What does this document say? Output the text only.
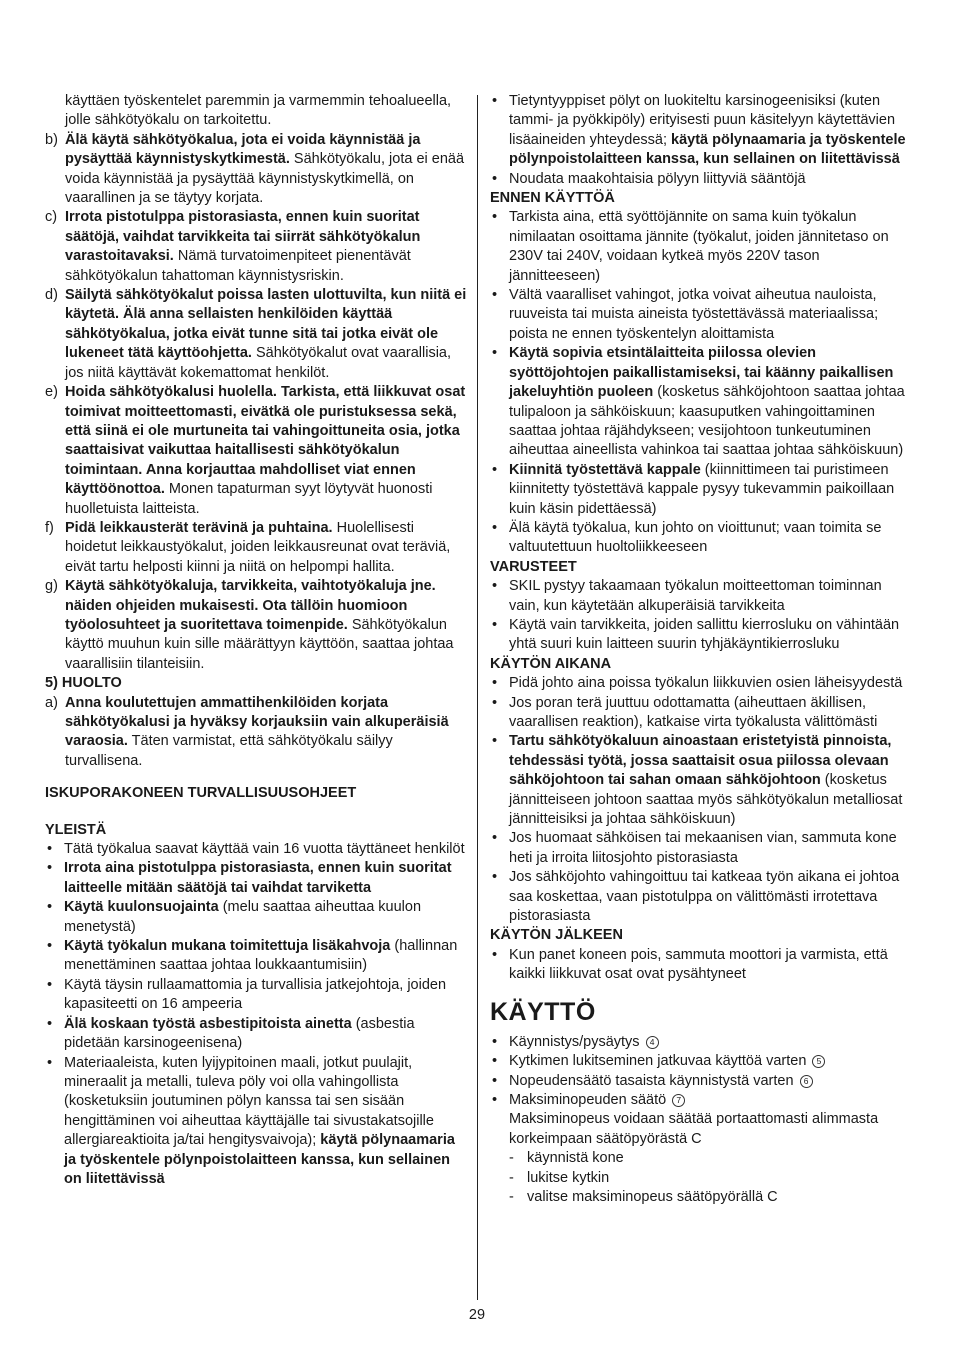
käyttäen työskentelet paremmin ja varmemmin tehoalueella, jolle sähkötyökalu on tarkoitettu.
b) Älä käytä sähkötyökalua, jota ei voida käynnistää ja pysäyttää käynnistyskytkimestä. Sähkötyökalu, jota ei enää voida käynnistää ja pysäyttää käynnistyskytkimellä, on vaarallinen ja se täytyy korjata.
c) Irrota pistotulppa pistorasiasta, ennen kuin suoritat säätöjä, vaihdat tarvikkeita tai siirrät sähkötyökalun varastoitavaksi. Nämä turvatoimenpiteet pienentävät sähkötyökalun tahattoman käynnistysriskin.
d) Säilytä sähkötyökalut poissa lasten ulottuvilta, kun niitä ei käytetä. Älä anna sellaisten henkilöiden käyttää sähkötyökalua, jotka eivät tunne sitä tai jotka eivät ole lukeneet tätä käyttöohjetta. Sähkötyökalut ovat vaarallisia, jos niitä käyttävät kokemattomat henkilöt.
e) Hoida sähkötyökalusi huolella. Tarkista, että liikkuvat osat toimivat moitteettomasti, eivätkä ole puristuksessa sekä, että siinä ei ole murtuneita tai vahingoittuneita osia, jotka saattaisivat vaikuttaa haitallisesti sähkötyökalun toimintaan. Anna korjauttaa mahdolliset viat ennen käyttöönottoa. Monen tapaturman syyt löytyvät huonosti huolletuista laitteista.
f) Pidä leikkausterät terävinä ja puhtaina. Huolellisesti hoidetut leikkaustyökalut, joiden leikkausreunat ovat teräviä, eivät tartu helposti kiinni ja niitä on helpompi hallita.
g) Käytä sähkötyökaluja, tarvikkeita, vaihtotyökaluja jne. näiden ohjeiden mukaisesti. Ota tällöin huomioon työolosuhteet ja suoritettava toimenpide. Sähkötyökalun käyttö muuhun kuin sille määrättyyn käyttöön, saattaa johtaa vaarallisiin tilanteisiin.
5) HUOLTO
a) Anna koulutettujen ammattihenkilöiden korjata sähkötyökalusi ja hyväksy korjauksiin vain alkuperäisiä varaosia. Täten varmistat, että sähkötyökalu säilyy turvallisena.
ISKUPORAKONEEN TURVALLISUUSOHJEET
YLEISTÄ
• Tätä työkalua saavat käyttää vain 16 vuotta täyttäneet henkilöt
• Irrota aina pistotulppa pistorasiasta, ennen kuin suoritat laitteelle mitään säätöjä tai vaihdat tarviketta
• Käytä kuulonsuojainta (melu saattaa aiheuttaa kuulon menetystä)
• Käytä työkalun mukana toimitettuja lisäkahvoja (hallinnan menettäminen saattaa johtaa loukkaantumisiin)
• Käytä täysin rullaamattomia ja turvallisia jatkejohtoja, joiden kapasiteetti on 16 ampeeria
• Älä koskaan työstä asbestipitoista ainetta (asbestia pidetään karsinogeenisena)
• Materiaaleista, kuten lyijypitoinen maali, jotkut puulajit, mineraalit ja metalli, tuleva pöly voi olla vahingollista (kosketuksiin joutuminen pölyn kanssa tai sen sisään hengittäminen voi aiheuttaa käyttäjälle tai sivustakatsojille allergiareaktioita ja/tai hengitysvaivoja); käytä pölynaamaria ja työskentele pölynpoistolaitteen kanssa, kun sellainen on liitettävissä
• Tietyntyyppiset pölyt on luokiteltu karsinogeenisiksi (kuten tammi- ja pyökkipöly) erityisesti puun käsitelyyn käytettävien lisäaineiden yhteydessä; käytä pölynaamaria ja työskentele pölynpoistolaitteen kanssa, kun sellainen on liitettävissä
• Noudata maakohtaisia pölyyn liittyviä sääntöjä
ENNEN KÄYTTÖÄ
• Tarkista aina, että syöttöjännite on sama kuin työkalun nimilaatan osoittama jännite (työkalut, joiden jännitetaso on 230V tai 240V, voidaan kytkeä myös 220V tason jännitteeseen)
• Vältä vaaralliset vahingot, jotka voivat aiheutua nauloista, ruuveista tai muista aineista työstettävässä materiaalissa; poista ne ennen työskentelyn aloittamista
• Käytä sopivia etsintälaitteita piilossa olevien syöttöjohtojen paikallistamiseksi, tai käänny paikallisen jakeluyhtiön puoleen (kosketus sähköjohtoon saattaa johtaa tulipaloon ja sähköiskuun; kaasuputken vahingoittaminen saattaa johtaa räjähdykseen; vesijohtoon tunkeutuminen aiheuttaa aineellista vahinkoa tai saattaa johtaa sähköiskuun)
• Kiinnitä työstettävä kappale (kiinnittimeen tai puristimeen kiinnitetty työstettävä kappale pysyy tukevammin paikoillaan kuin käsin pidettäessä)
• Älä käytä työkalua, kun johto on vioittunut; vaan toimita se valtuutettuun huoltoliikkeeseen
VARUSTEET
• SKIL pystyy takaamaan työkalun moitteettoman toiminnan vain, kun käytetään alkuperäisiä tarvikkeita
• Käytä vain tarvikkeita, joiden sallittu kierrosluku on vähintään yhtä suuri kuin laitteen suurin tyhjäkäyntikierrosluku
KÄYTÖN AIKANA
• Pidä johto aina poissa työkalun liikkuvien osien läheisyydestä
• Jos poran terä juuttuu odottamatta (aiheuttaen äkillisen, vaarallisen reaktion), katkaise virta työkalusta välittömästi
• Tartu sähkötyökaluun ainoastaan eristetyistä pinnoista, tehdessäsi työtä, jossa saattaisit osua piilossa olevaan sähköjohtoon tai sahan omaan sähköjohtoon (kosketus jännitteiseen johtoon saattaa myös sähkötyökalun metalliosat jännitteisiksi ja johtaa sähköiskuun)
• Jos huomaat sähköisen tai mekaanisen vian, sammuta kone heti ja irroita liitosjohto pistorasiasta
• Jos sähköjohto vahingoittuu tai katkeaa työn aikana ei johtoa saa koskettaa, vaan pistotulppa on välittömästi irrotettava pistorasiasta
KÄYTÖN JÄLKEEN
• Kun panet koneen pois, sammuta moottori ja varmista, että kaikki liikkuvat osat ovat pysähtyneet
KÄYTTÖ
• Käynnistys/pysäytys 4
• Kytkimen lukitseminen jatkuvaa käyttöä varten 5
• Nopeudensäätö tasaista käynnistystä varten 6
• Maksiminopeuden säätö 7
Maksiminopeus voidaan säätää portaattomasti alimmasta korkeimpaan säätöpyörästä C
- käynnistä kone
- lukitse kytkin
- valitse maksiminopeus säätöpyörällä C
29
